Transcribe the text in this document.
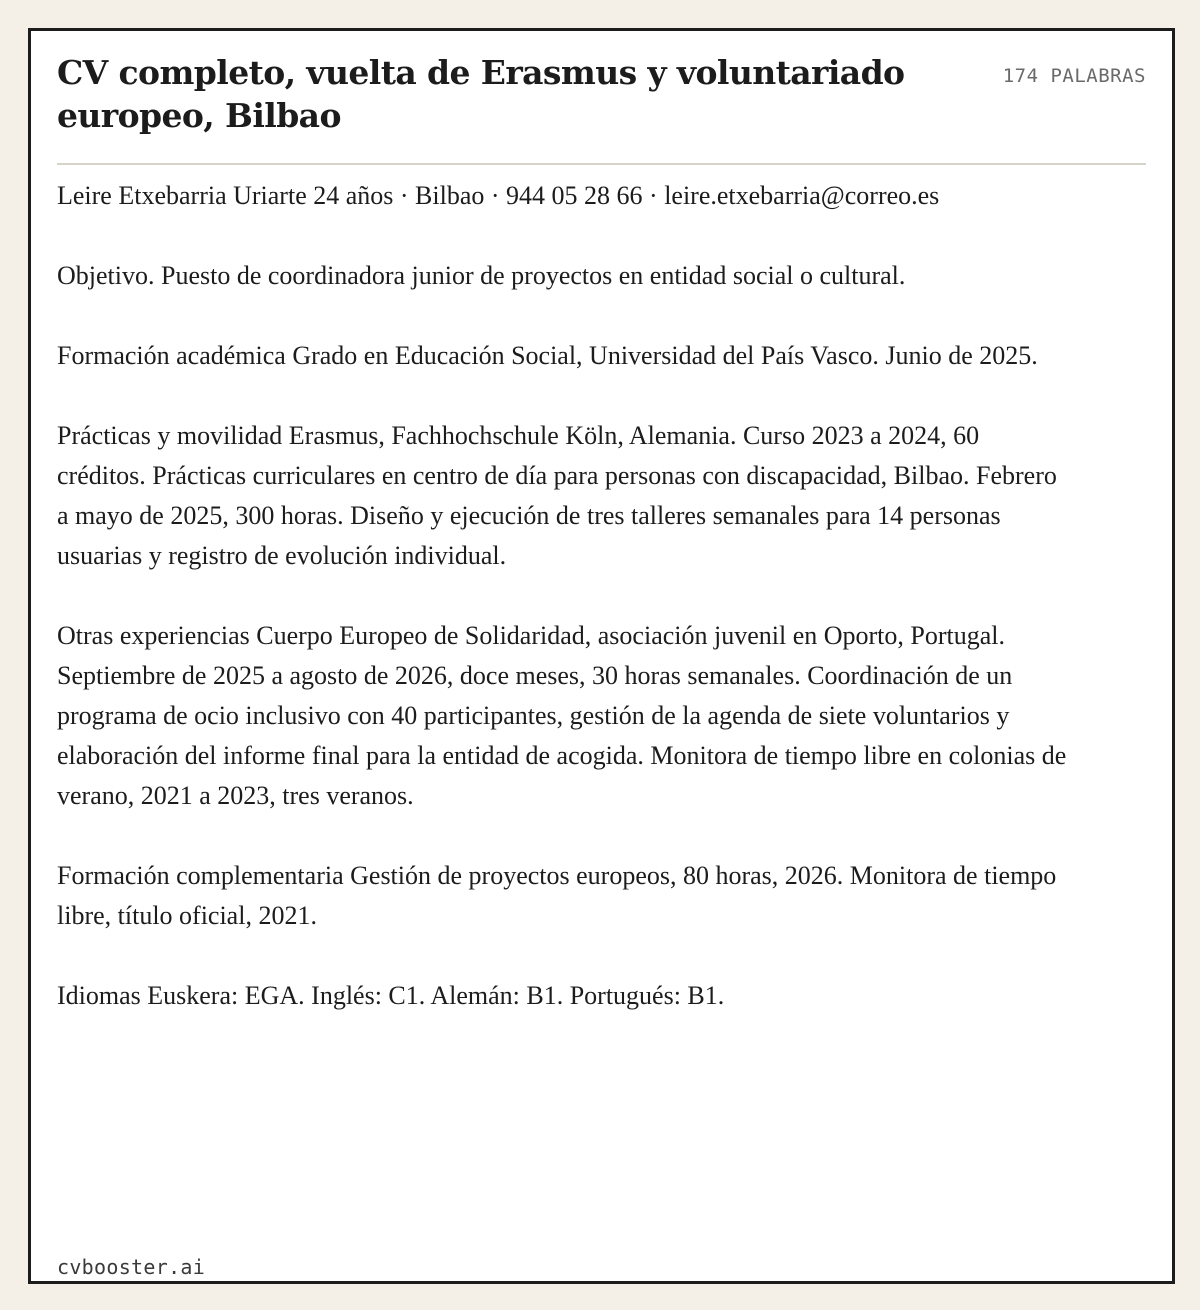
CV completo, vuelta de Erasmus y voluntariado europeo, Bilbao
174 PALABRAS

Leire Etxebarria Uriarte 24 años · Bilbao · 944 05 28 66 · leire.etxebarria@correo.es

Objetivo. Puesto de coordinadora junior de proyectos en entidad social o cultural.

Formación académica Grado en Educación Social, Universidad del País Vasco. Junio de 2025.

Prácticas y movilidad Erasmus, Fachhochschule Köln, Alemania. Curso 2023 a 2024, 60 créditos. Prácticas curriculares en centro de día para personas con discapacidad, Bilbao. Febrero a mayo de 2025, 300 horas. Diseño y ejecución de tres talleres semanales para 14 personas usuarias y registro de evolución individual.

Otras experiencias Cuerpo Europeo de Solidaridad, asociación juvenil en Oporto, Portugal. Septiembre de 2025 a agosto de 2026, doce meses, 30 horas semanales. Coordinación de un programa de ocio inclusivo con 40 participantes, gestión de la agenda de siete voluntarios y elaboración del informe final para la entidad de acogida. Monitora de tiempo libre en colonias de verano, 2021 a 2023, tres veranos.

Formación complementaria Gestión de proyectos europeos, 80 horas, 2026. Monitora de tiempo libre, título oficial, 2021.

Idiomas Euskera: EGA. Inglés: C1. Alemán: B1. Portugués: B1.

cvbooster.ai
